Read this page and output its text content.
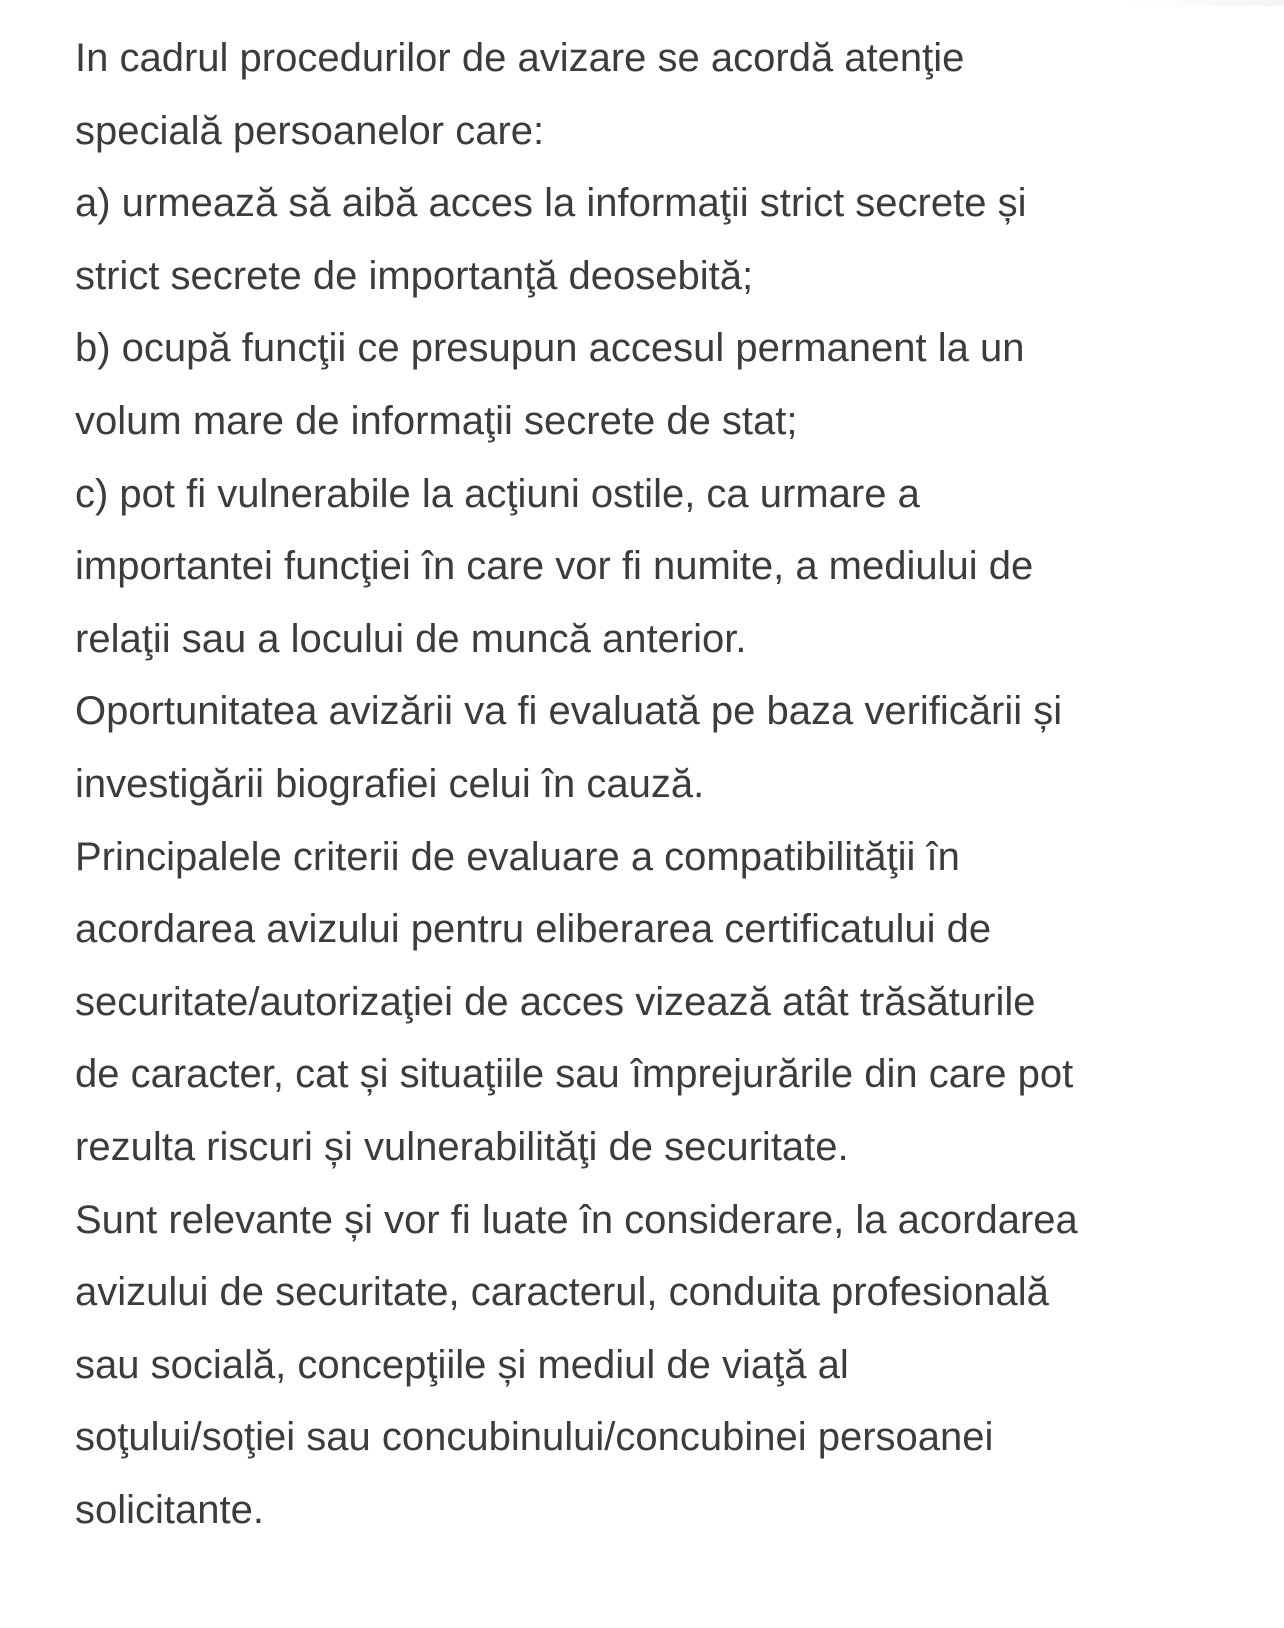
In cadrul procedurilor de avizare se acordă atenţie
specială persoanelor care:
a) urmează să aibă acces la informaţii strict secrete și
strict secrete de importanţă deosebită;
b) ocupă funcţii ce presupun accesul permanent la un
volum mare de informaţii secrete de stat;
c) pot fi vulnerabile la acţiuni ostile, ca urmare a
importantei funcţiei în care vor fi numite, a mediului de
relaţii sau a locului de muncă anterior.
Oportunitatea avizării va fi evaluată pe baza verificării și
investigării biografiei celui în cauză.
Principalele criterii de evaluare a compatibilităţii în
acordarea avizului pentru eliberarea certificatului de
securitate/autorizaţiei de acces vizează atât trăsăturile
de caracter, cat și situaţiile sau împrejurările din care pot
rezulta riscuri și vulnerabilităţi de securitate.
Sunt relevante și vor fi luate în considerare, la acordarea
avizului de securitate, caracterul, conduita profesională
sau socială, concepţiile și mediul de viaţă al
soţului/soţiei sau concubinului/concubinei persoanei
solicitante.
